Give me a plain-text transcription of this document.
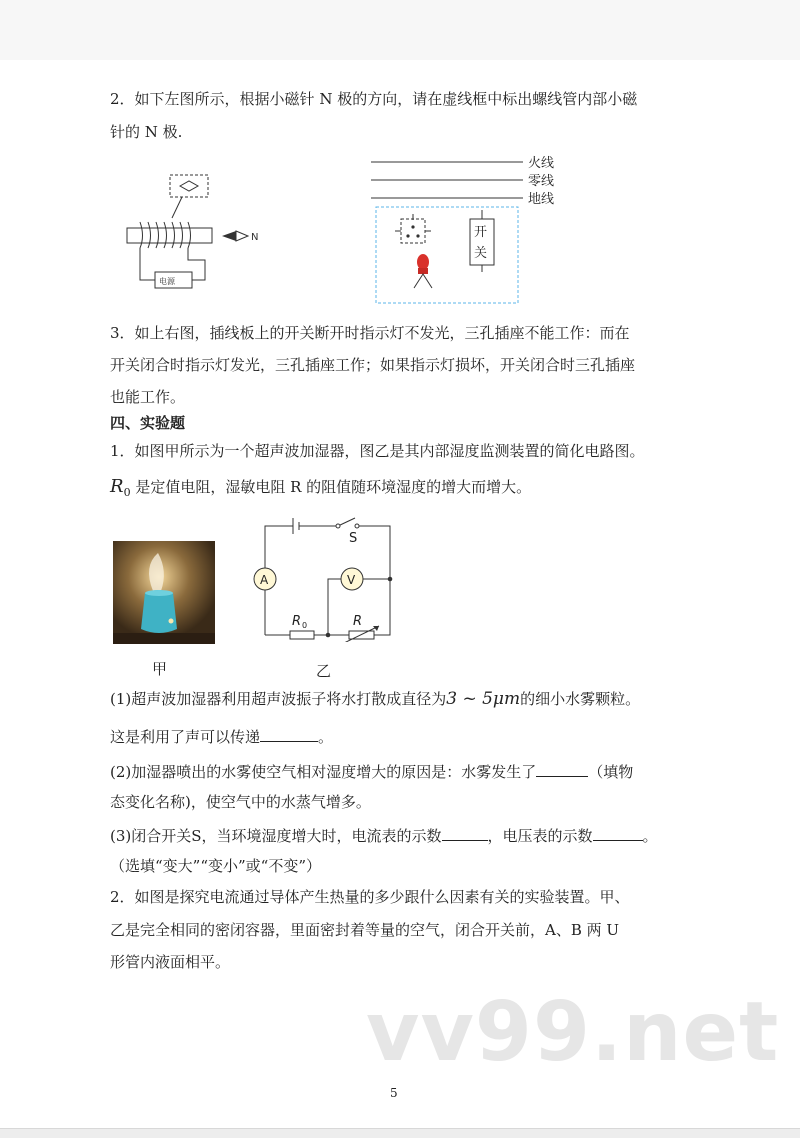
2．如下左图所示，根据小磁针 N 极的方向，请在虚线框中标出螺线管内部小磁
针的 N 极.
电源
N
火线
零线
地线
开
关
3．如上右图，插线板上的开关断开时指示灯不发光，三孔插座不能工作：而在
开关闭合时指示灯发光，三孔插座工作；如果指示灯损坏，开关闭合时三孔插座
也能工作。
四、实验题
1．如图甲所示为一个超声波加湿器，图乙是其内部湿度监测装置的简化电路图。
$R_0$ 是定值电阻，湿敏电阻 R 的阻值随环境湿度的增大而增大。
甲
A	V
S
R 0	R
乙
(1)超声波加湿器利用超声波振子将水打散成直径为3 ~ 5μm的细小水雾颗粒。
这是利用了声可以传递	。
(2)加湿器喷出的水雾使空气相对湿度增大的原因是：水雾发生了	（填物
态变化名称)，使空气中的水蒸气增多。
(3)闭合开关S，当环境湿度增大时，电流表的示数	，电压表的示数	。
（选填“变大”“变小”或“不变”）
2．如图是探究电流通过导体产生热量的多少跟什么因素有关的实验装置。甲、
乙是完全相同的密闭容器，里面密封着等量的空气，闭合开关前，A、B 两 U
形管内液面相平。
vv99.net
5
